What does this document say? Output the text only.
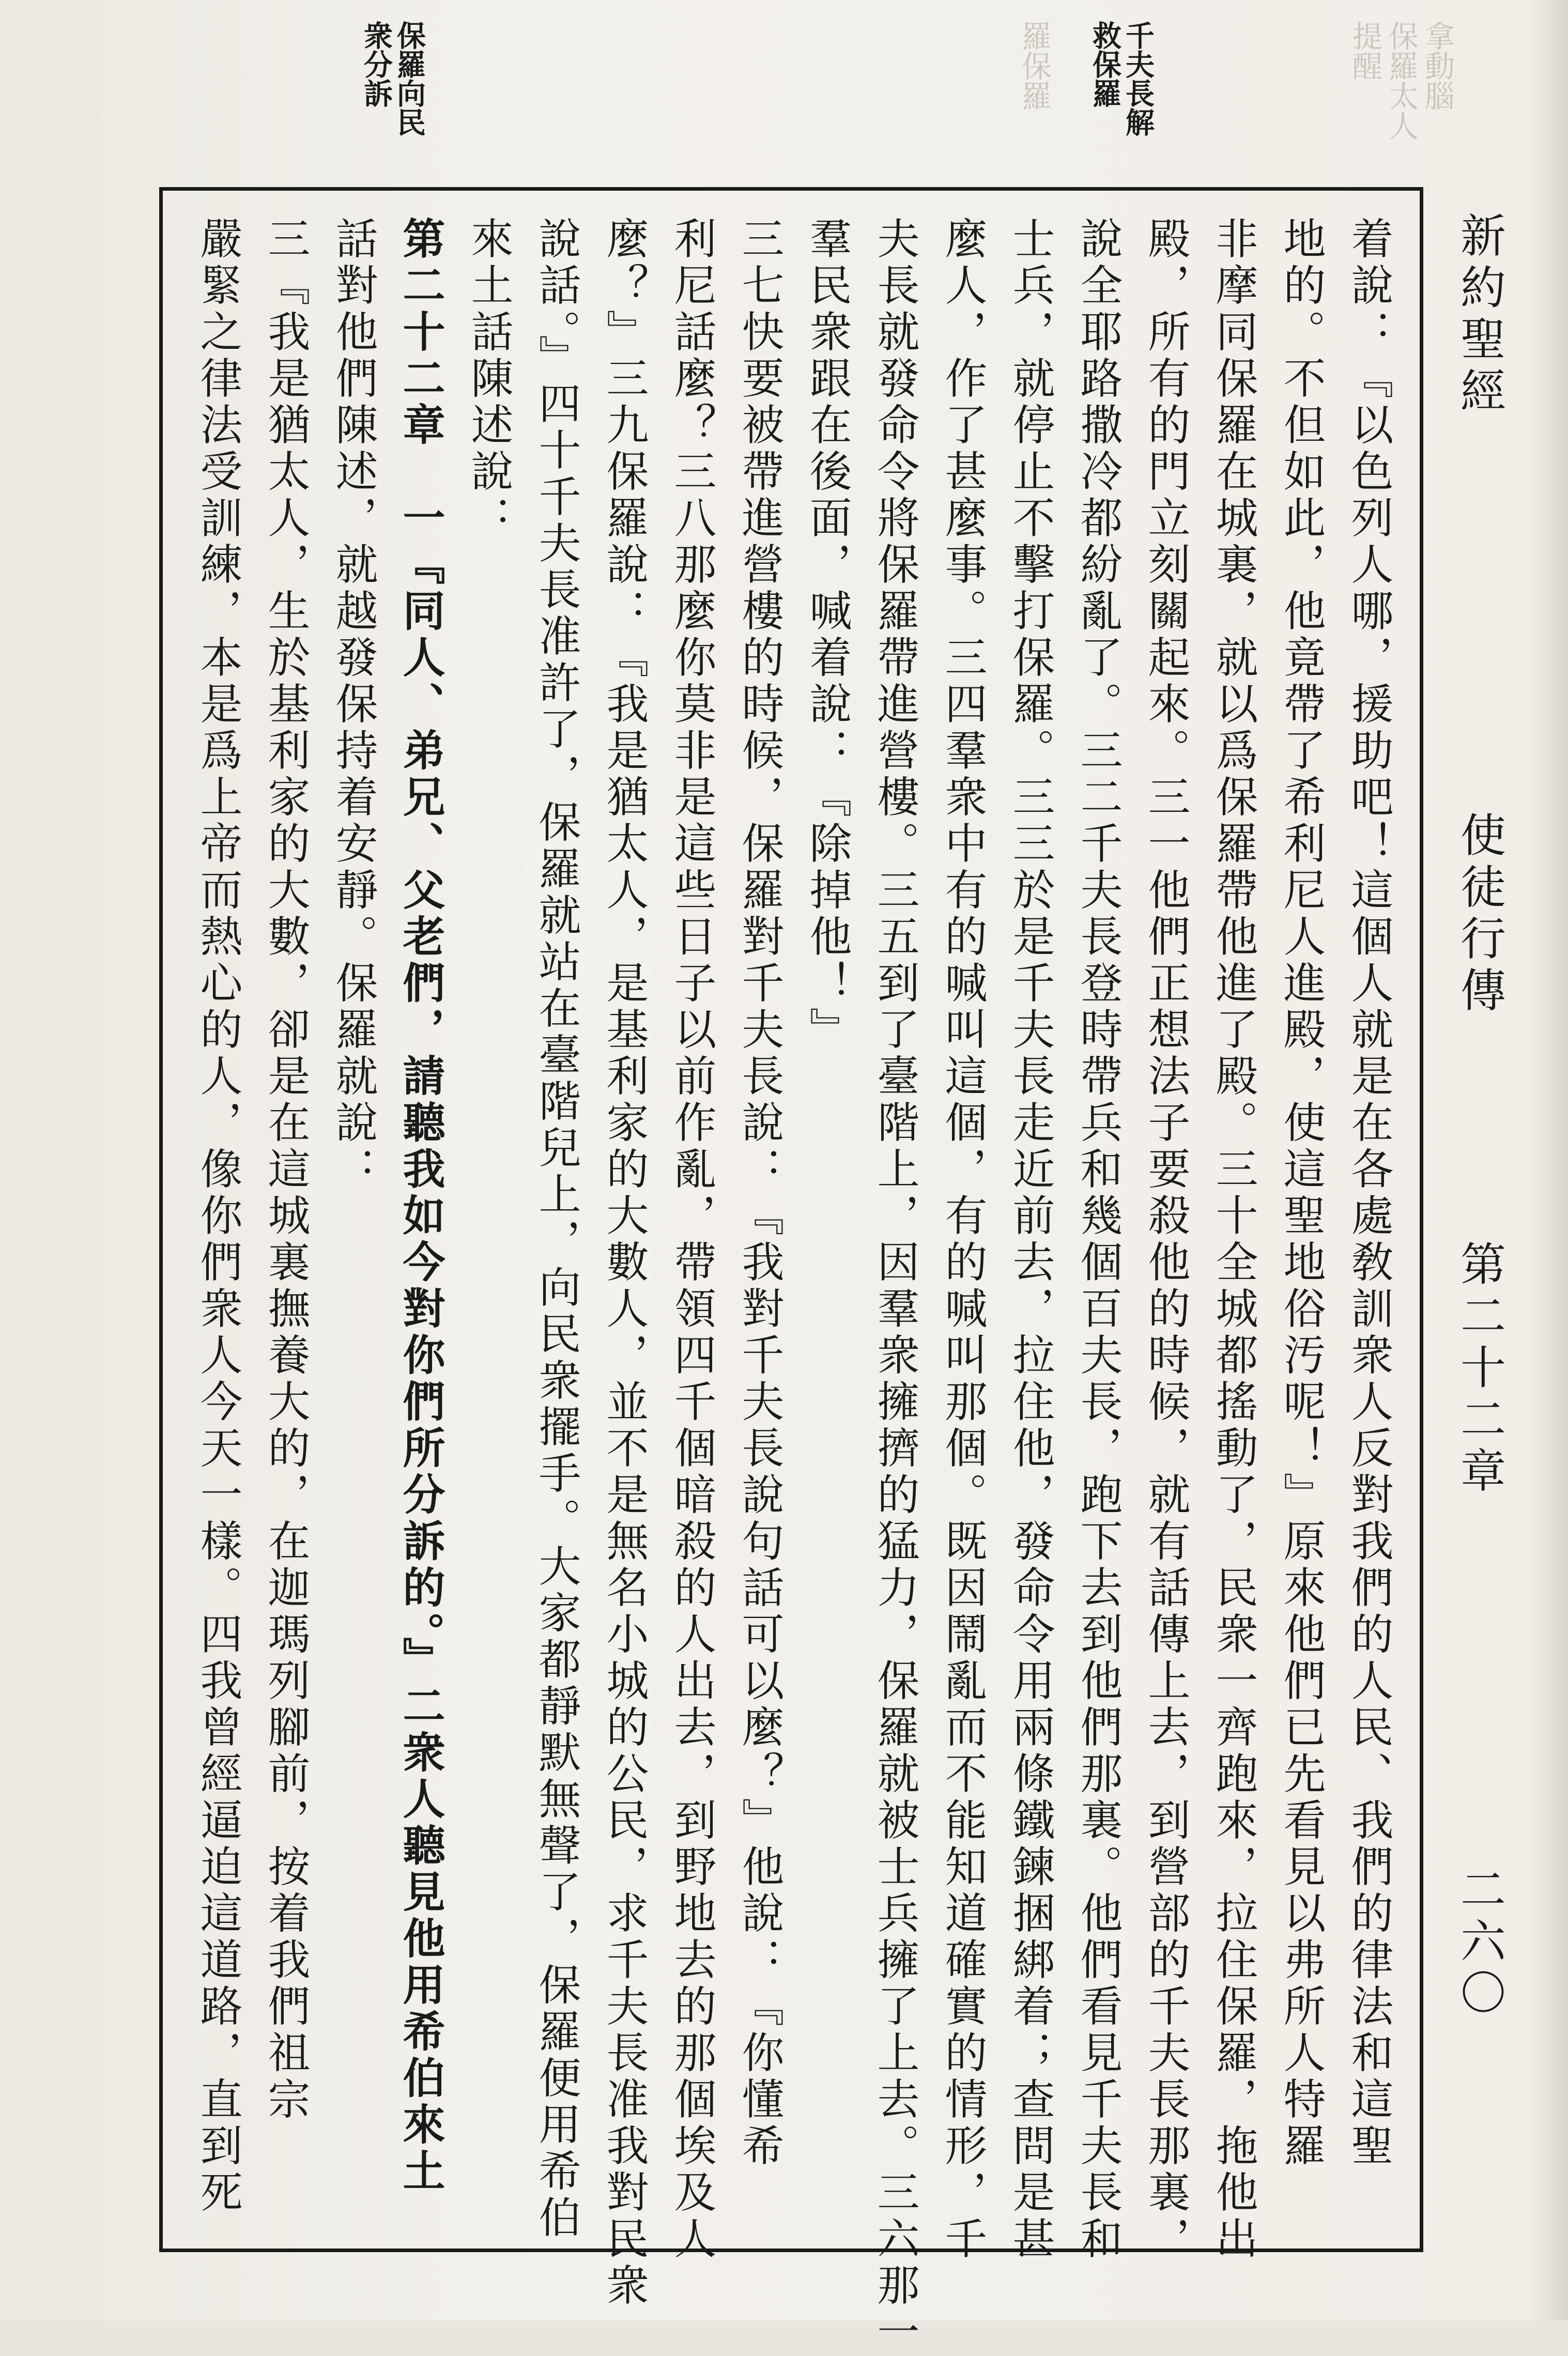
拿動腦
保羅太人
羅保羅	提醒
千夫長解
救保羅
保羅向民
衆分訴
新約聖經
使徒行傳
第二十二章
二六〇
着說：『以色列人哪，援助吧！這個人就是在各處敎訓衆人反對我們的人民、我們的律法和這聖
地的。不但如此，他竟帶了希利尼人進殿，使這聖地俗汚呢！』原來他們已先看見以弗所人特羅
非摩同保羅在城裏，就以爲保羅帶他進了殿。三十全城都搖動了，民衆一齊跑來，拉住保羅，拖他出
殿，所有的門立刻關起來。三一他們正想法子要殺他的時候，就有話傳上去，到營部的千夫長那裏，
說全耶路撒冷都紛亂了。三二千夫長登時帶兵和幾個百夫長，跑下去到他們那裏。他們看見千夫長和
士兵，就停止不擊打保羅。三三於是千夫長走近前去，拉住他，發命令用兩條鐵鍊捆綁着；查問是甚
麼人，作了甚麼事。三四羣衆中有的喊叫這個，有的喊叫那個。既因鬧亂而不能知道確實的情形，千
夫長就發命令將保羅帶進營樓。三五到了臺階上，因羣衆擁擠的猛力，保羅就被士兵擁了上去。三六那一
羣民衆跟在後面，喊着說：『除掉他！』
三七快要被帶進營樓的時候，保羅對千夫長說：『我對千夫長說句話可以麼？』他說：『你懂希
利尼話麼？三八那麼你莫非是這些日子以前作亂，帶領四千個暗殺的人出去，到野地去的那個埃及人
麼？』三九保羅說：『我是猶太人，是基利家的大數人，並不是無名小城的公民，求千夫長准我對民衆
說話。』四十千夫長准許了，保羅就站在臺階兒上，向民衆擺手。大家都靜默無聲了，保羅便用希伯
來土話陳述說：
第二十二章　一『同人、弟兄、父老們，請聽我如今對你們所分訴的。』二衆人聽見他用希伯來土
話對他們陳述，就越發保持着安靜。保羅就說：
三『我是猶太人，生於基利家的大數，卻是在這城裏撫養大的，在迦瑪列腳前，按着我們祖宗
嚴緊之律法受訓練，本是爲上帝而熱心的人，像你們衆人今天一樣。四我曾經逼迫這道路，直到死
